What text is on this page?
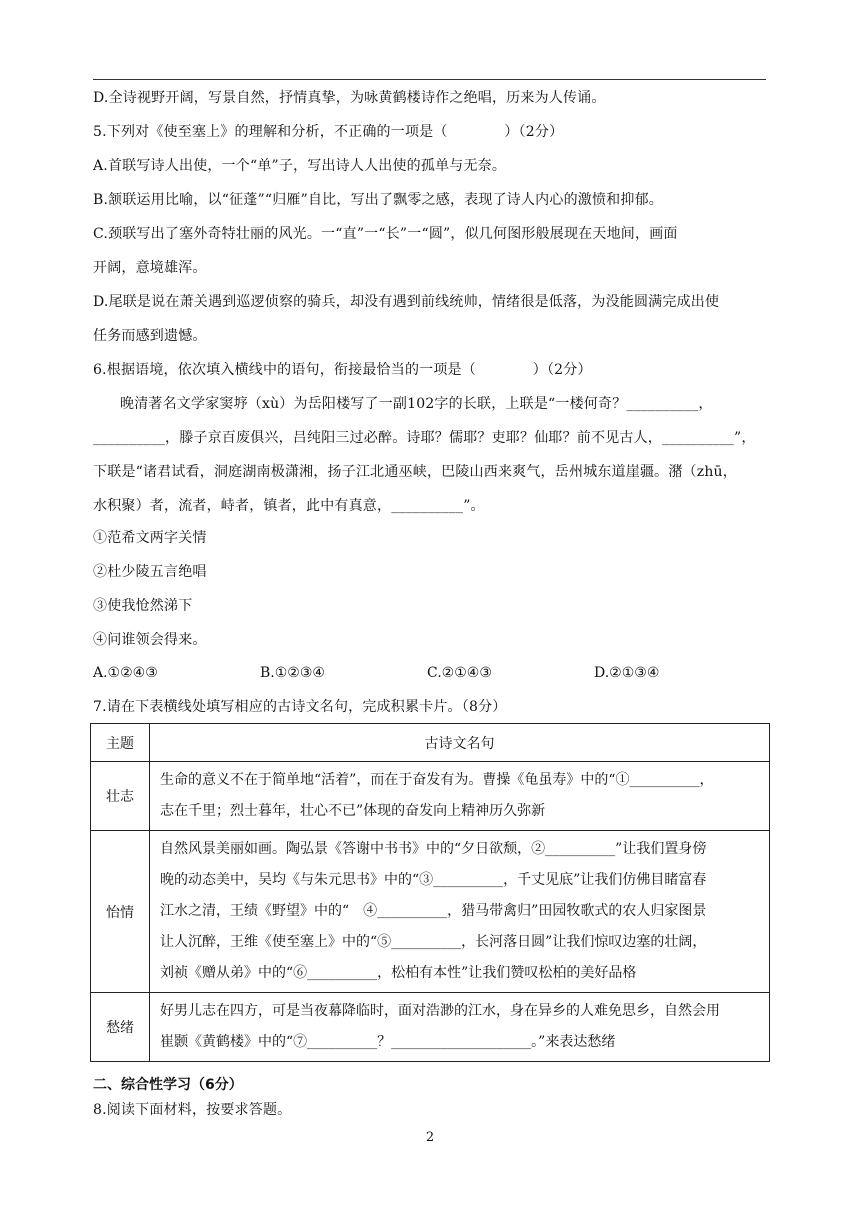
D.全诗视野开阔，写景自然，抒情真挚，为咏黄鹤楼诗作之绝唱，历来为人传诵。
5.下列对《使至塞上》的理解和分析，不正确的一项是（　　　　）（2分）
A.首联写诗人出使，一个“单”子，写出诗人人出使的孤单与无奈。
B.颔联运用比喻，以“征蓬”“归雁”自比，写出了飘零之感，表现了诗人内心的激愤和抑郁。
C.颈联写出了塞外奇特壮丽的风光。一“直”一“长”一“圆”，似几何图形般展现在天地间，画面
开阔，意境雄浑。
D.尾联是说在萧关遇到巡逻侦察的骑兵，却没有遇到前线统帅，情绪很是低落，为没能圆满完成出使
任务而感到遗憾。
6.根据语境，依次填入横线中的语句，衔接最恰当的一项是（　　　　）（2分）
晚清著名文学家窦垿（xù）为岳阳楼写了一副102字的长联，上联是“一楼何奇？__________，
__________，滕子京百废俱兴，吕纯阳三过必醉。诗耶？儒耶？吏耶？仙耶？前不见古人，__________”，
下联是“诸君试看，洞庭湖南极潇湘，扬子江北通巫峡，巴陵山西来爽气，岳州城东道崖疆。潴（zhū，
水积聚）者，流者，峙者，镇者，此中有真意，__________”。
①范希文两字关情
②杜少陵五言绝唱
③使我怆然涕下
④问谁领会得来。
A.①②④③	B.①②③④	C.②①④③	D.②①③④
7.请在下表横线处填写相应的古诗文名句，完成积累卡片。（8分）
主题	古诗文名句
壮志	生命的意义不在于简单地“活着”，而在于奋发有为。曹操《龟虽寿》中的“①__________，
志在千里；烈士暮年，壮心不已”体现的奋发向上精神历久弥新

怡情	自然风景美丽如画。陶弘景《答谢中书书》中的“夕日欲颓，②__________”让我们置身傍
晚的动态美中，吴均《与朱元思书》中的“③__________，千丈见底”让我们仿佛目睹富春
江水之清，王绩《野望》中的“　④__________，猎马带禽归”田园牧歌式的农人归家图景
让人沉醉，王维《使至塞上》中的“⑤__________，长河落日圆”让我们惊叹边塞的壮阔，
刘祯《赠从弟》中的“⑥__________，松柏有本性”让我们赞叹松柏的美好品格

愁绪	好男儿志在四方，可是当夜幕降临时，面对浩渺的江水，身在异乡的人难免思乡，自然会用
崔颢《黄鹤楼》中的“⑦__________？____________________。”来表达愁绪
二、综合性学习（6分）
8.阅读下面材料，按要求答题。
2
